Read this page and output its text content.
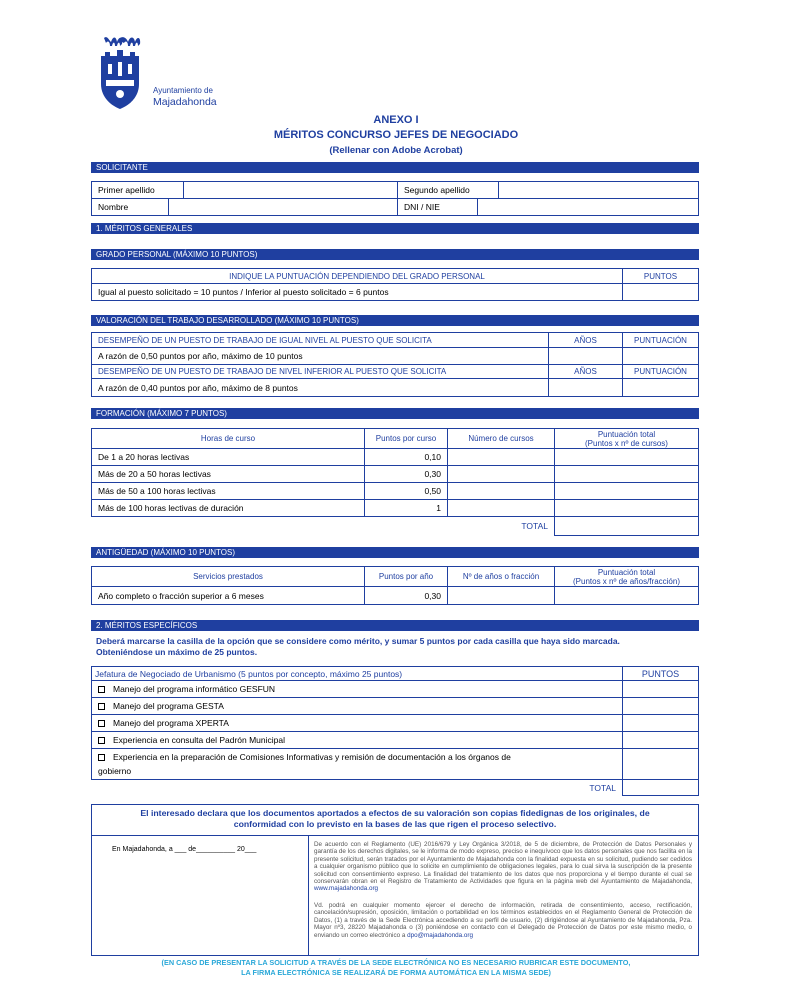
Ayuntamiento de
Majadahonda
ANEXO I
MÉRITOS CONCURSO JEFES DE NEGOCIADO
(Rellenar con Adobe Acrobat)
SOLICITANTE
Primer apellido		Segundo apellido	
Nombre		DNI / NIE	
1. MÉRITOS GENERALES
GRADO PERSONAL (MÁXIMO 10 PUNTOS)
INDIQUE LA PUNTUACIÓN DEPENDIENDO DEL GRADO PERSONAL	PUNTOS
Igual al puesto solicitado = 10 puntos / Inferior al puesto solicitado = 6 puntos	
VALORACIÓN DEL TRABAJO DESARROLLADO (MÁXIMO 10 PUNTOS)
DESEMPEÑO DE UN PUESTO DE TRABAJO DE IGUAL NIVEL AL PUESTO QUE SOLICITA	AÑOS	PUNTUACIÓN
A razón de 0,50 puntos por año, máximo de 10 puntos		
DESEMPEÑO DE UN PUESTO DE TRABAJO DE NIVEL INFERIOR AL PUESTO QUE SOLICITA	AÑOS	PUNTUACIÓN
A razón de 0,40 puntos por año, máximo de 8 puntos		
FORMACIÓN (MÁXIMO 7 PUNTOS)
Horas de curso	Puntos por curso	Número de cursos	Puntuación total
(Puntos x nº de cursos)

De 1 a 20 horas lectivas	0,10		
Más de 20 a 50 horas lectivas	0,30		
Más de 50 a 100 horas lectivas	0,50		
Más de 100 horas lectivas de duración	1		
		TOTAL	
ANTIGÜEDAD (MÁXIMO 10 PUNTOS)
Servicios prestados	Puntos por año	Nº de años o fracción	Puntuación total
(Puntos x nº de años/fracción)

Año completo o fracción superior a 6 meses	0,30		
2. MÉRITOS ESPECÍFICOS
Deberá marcarse la casilla de la opción que se considere como mérito, y sumar 5 puntos por cada casilla que haya sido marcada.
Obteniéndose un máximo de 25 puntos.
Jefatura de Negociado de Urbanismo (5 puntos por concepto, máximo 25 puntos)	PUNTOS
Manejo del programa informático GESFUN	
Manejo del programa GESTA	
Manejo del programa XPERTA	
Experiencia en consulta del Padrón Municipal	
Experiencia en la preparación de Comisiones Informativas y remisión de documentación a los órganos de
gobierno	
TOTAL	
El interesado declara que los documentos aportados a efectos de su valoración son copias fidedignas de los originales, de
conformidad con lo previsto en la bases de las que rigen el proceso selectivo.
En Majadahonda, a ___ de__________ 20___
De acuerdo con el Reglamento (UE) 2016/679 y Ley Orgánica 3/2018, de 5 de diciembre, de Protección de Datos Personales y garantía de los derechos digitales, se le informa de modo expreso, preciso e inequívoco que los datos personales que nos facilita en la presente solicitud, serán tratados por el Ayuntamiento de Majadahonda con la finalidad expuesta en su solicitud, pudiendo ser cedidos a cualquier organismo público que lo solicite en cumplimiento de obligaciones legales, para lo cual sirva la suscripción de la presente solicitud con consentimiento expreso. La finalidad del tratamiento de los datos que nos proporciona y el tiempo durante el cual se conservarán obran en el Registro de Tratamiento de Actividades que figura en la página web del Ayuntamiento de Majadahonda, www.majadahonda.org
Vd. podrá en cualquier momento ejercer el derecho de información, retirada de consentimiento, acceso, rectificación, cancelación/supresión, oposición, limitación o portabilidad en los términos establecidos en el Reglamento General de Protección de Datos, (1) a través de la Sede Electrónica accediendo a su perfil de usuario, (2) dirigiéndose al Ayuntamiento de Majadahonda, Pza. Mayor nº3, 28220 Majadahonda o (3) poniéndose en contacto con el Delegado de Protección de Datos por este mismo medio, o enviando un correo electrónico a dpo@majadahonda.org
(EN CASO DE PRESENTAR LA SOLICITUD A TRAVÉS DE LA SEDE ELECTRÓNICA NO ES NECESARIO RUBRICAR ESTE DOCUMENTO,
LA FIRMA ELECTRÓNICA SE REALIZARÁ DE FORMA AUTOMÁTICA EN LA MISMA SEDE)
